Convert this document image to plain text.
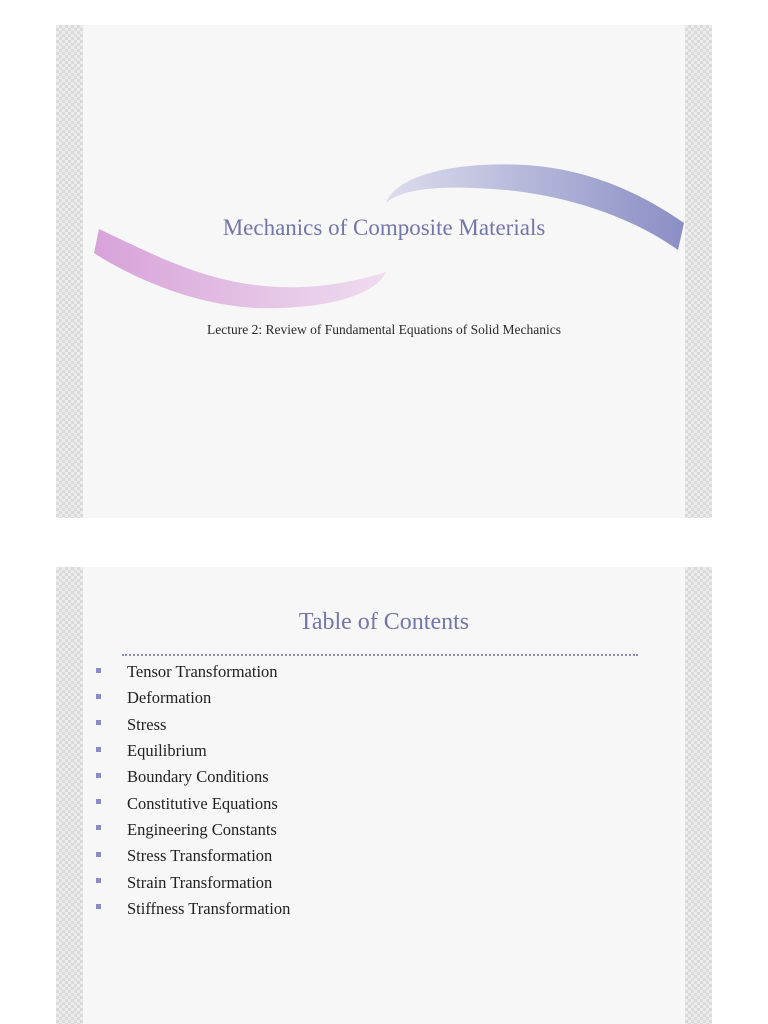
Mechanics of Composite Materials
Lecture 2: Review of Fundamental Equations of Solid Mechanics
Table of Contents
Tensor Transformation
Deformation
Stress
Equilibrium
Boundary Conditions
Constitutive Equations
Engineering Constants
Stress Transformation
Strain Transformation
Stiffness Transformation
